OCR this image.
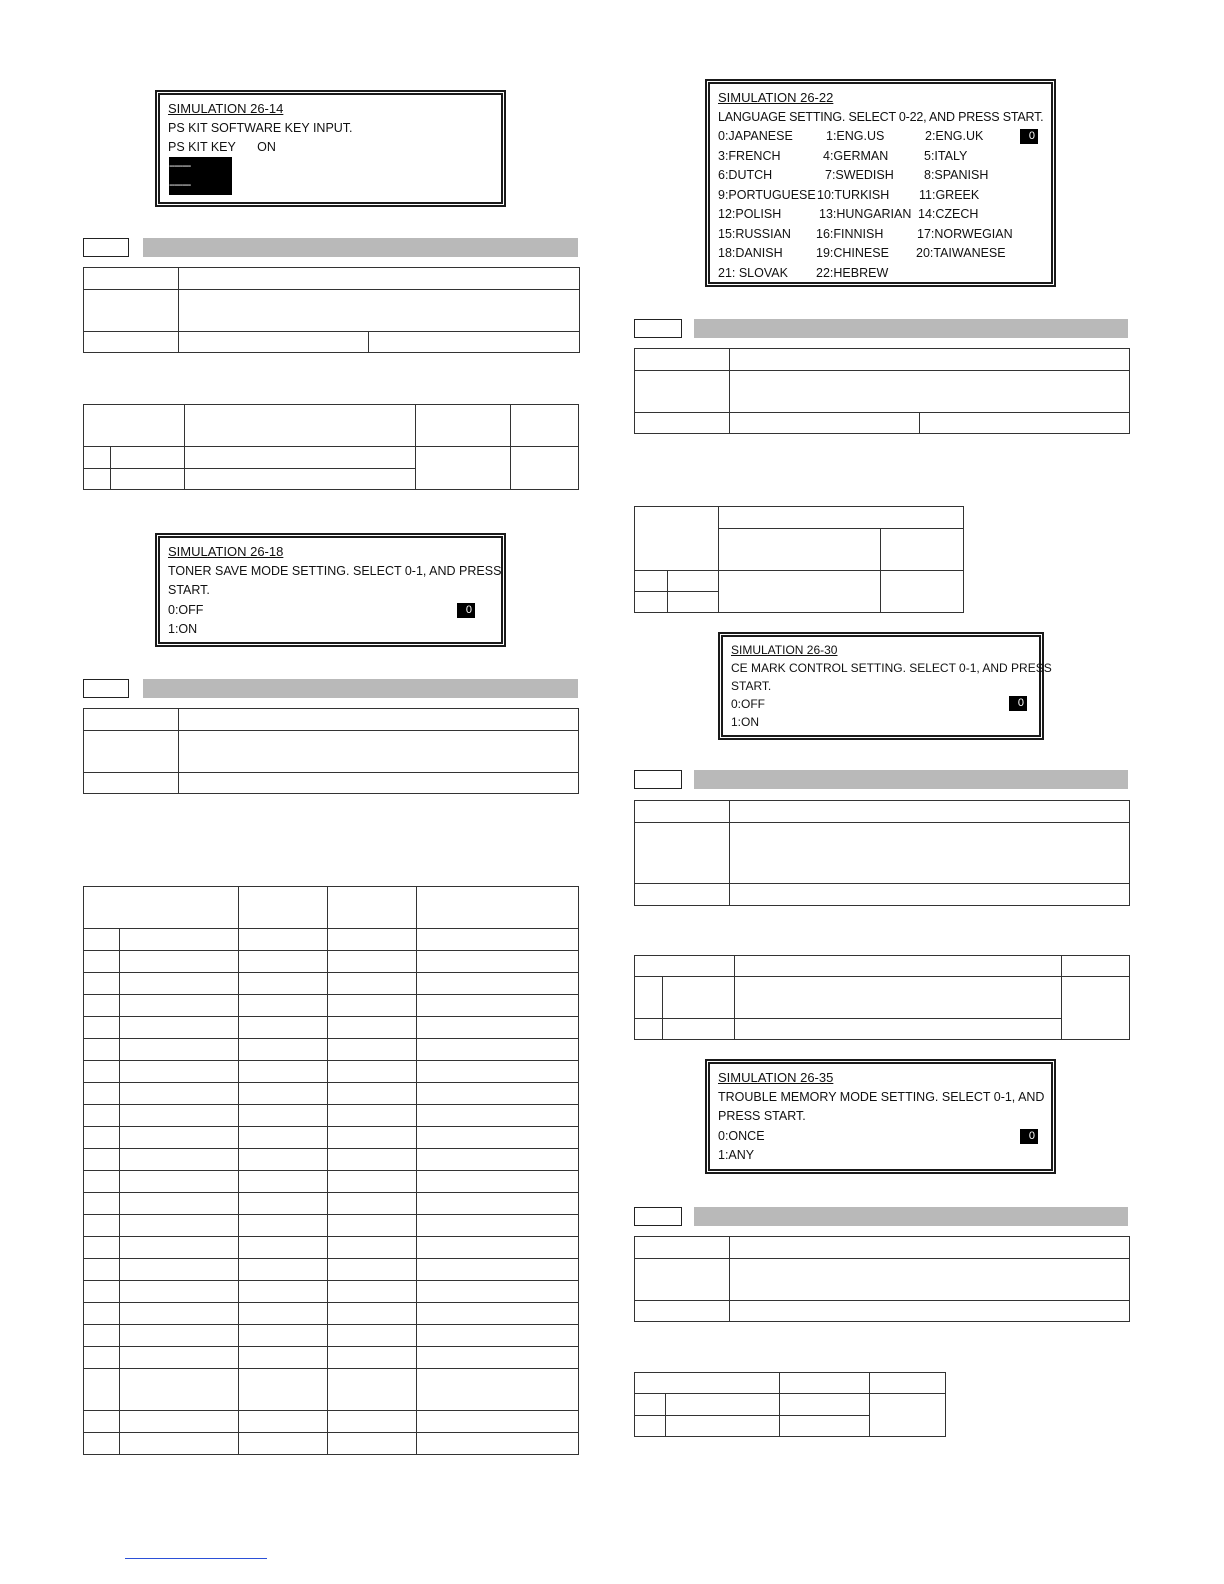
SIMULATION 26-14
PS KIT SOFTWARE KEY INPUT.
PS KIT KEY ON
--------
--------

SIMULATION 26-18
TONER SAVE MODE SETTING. SELECT 0-1, AND PRESS
START.
0:OFF	0
1:ON

SIMULATION 26-22
LANGUAGE SETTING. SELECT 0-22, AND PRESS START.
0:JAPANESE	1:ENG.US	2:ENG.UK	0
3:FRENCH	4:GERMAN	5:ITALY
6:DUTCH	7:SWEDISH 8:SPANISH
9:PORTUGUESE 10:TURKISH 11:GREEK
12:POLISH	13:HUNGARIAN 14:CZECH
15:RUSSIAN 16:FINNISH	17:NORWEGIAN
18:DANISH	19:CHINESE 20:TAIWANESE
21: SLOVAK 22:HEBREW

SIMULATION 26-30
CE MARK CONTROL SETTING. SELECT 0-1, AND PRESS
START.
0:OFF	0
1:ON

SIMULATION 26-35
TROUBLE MEMORY MODE SETTING. SELECT 0-1, AND
PRESS START.
0:ONCE	0
1:ANY
